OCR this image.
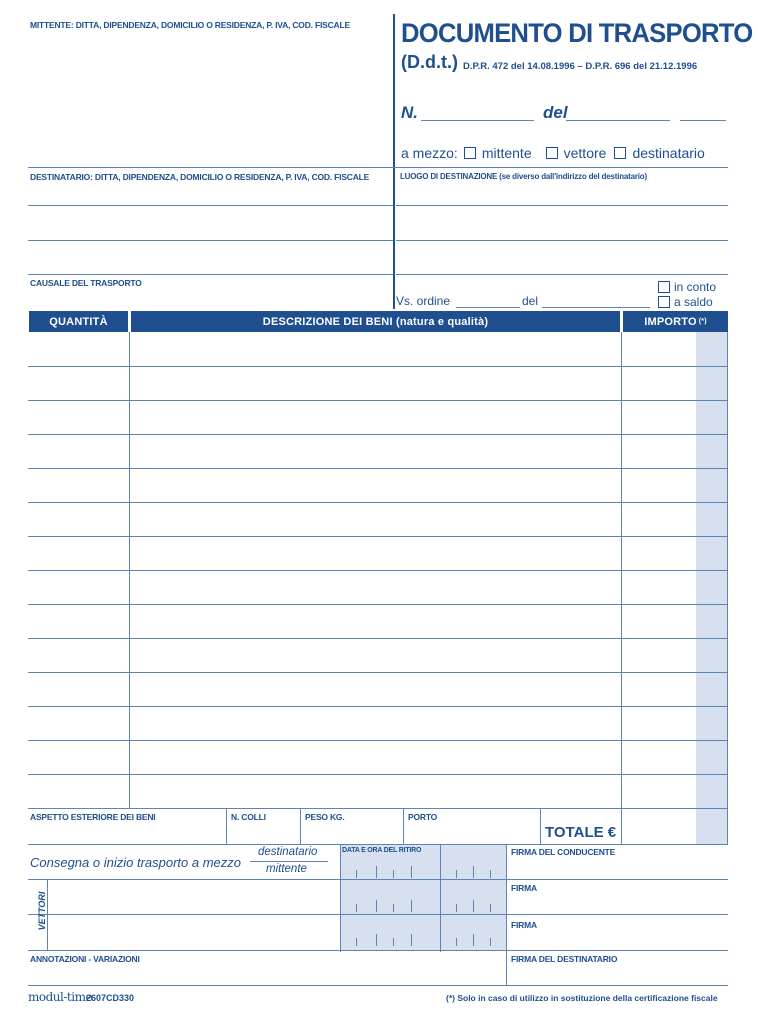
MITTENTE: DITTA, DIPENDENZA, DOMICILIO O RESIDENZA, P. IVA, COD. FISCALE DOCUMENTO DI TRASPORTO
(D.d.t.) D.P.R. 472 del 14.08.1996 – D.P.R. 696 del 21.12.1996
N.	del
a mezzo: mittente vettore destinatario
DESTINATARIO: DITTA, DIPENDENZA, DOMICILIO O RESIDENZA, P. IVA, COD. FISCALE	LUOGO DI DESTINAZIONE (se diverso dall'indirizzo del destinatario)
CAUSALE DEL TRASPORTO
Vs. ordine	del
in conto
a saldo
QUANTITÀ	DESCRIZIONE DEI BENI (natura e qualità)	IMPORTO (*)
ASPETTO ESTERIORE DEI BENI	N. COLLI	PESO KG.	PORTO
TOTALE €
Consegna o inizio trasporto a mezzo
destinatario
mittente
DATA E ORA DEL RITIRO	FIRMA DEL CONDUCENTE
FIRMA
FIRMA
VETTORI
ANNOTAZIONI - VARIAZIONI	FIRMA DEL DESTINATARIO
modul-time
2607CD330	(*) Solo in caso di utilizzo in sostituzione della certificazione fiscale
